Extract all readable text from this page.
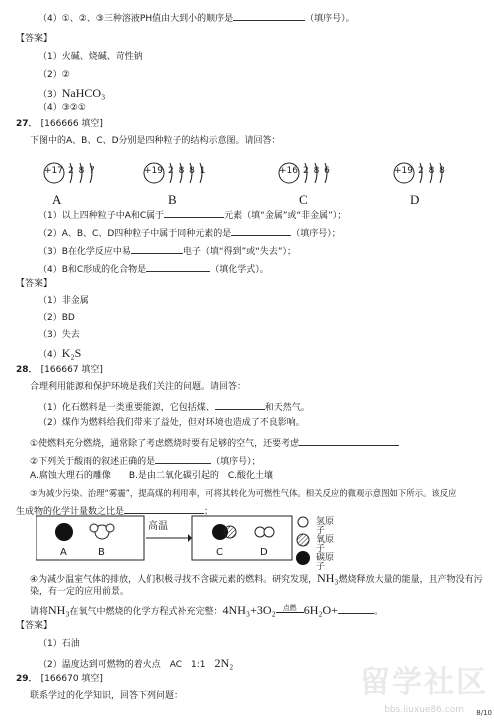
（4）①、②、③三种溶液PH值由大到小的顺序是	（填序号）。
【答案】
（1）火碱、烧碱、苛性钠
（2）②
（3）NaHCO₃
（4）③②①
27． [166666 填空]
下图中的A、B、C、D分别是四种粒子的结构示意图。请回答：
+17 2 8 7
A
+19 2 8 8 1
B
+16 2 8 6
C
+19 2 8 8
D
（1）以上四种粒子中A和C属于	元素（填“金属”或“非金属”）；
（2）A、B、C、D四种粒子中属于同种元素的是	（填序号）；
（3）B在化学反应中易	电子（填“得到”或“失去”）；
（4）B和C形成的化合物是	（填化学式）。
【答案】
（1）非金属
（2）BD
（3）失去
（4）K₂S
28． [166667 填空]
合理利用能源和保护环境是我们关注的问题。请回答：
（1）化石燃料是一类重要能源，它包括煤、	和天然气。
（2）煤作为燃料给我们带来了益处，但对环境也造成了不良影响。
①使燃料充分燃烧，通常除了考虑燃烧时要有足够的空气，还要考虑
②下列关于酸雨的叙述正确的是	（填序号）；
A.腐蚀大理石的雕像　　B.是由二氧化碳引起的　C.酸化土壤
③为减少污染、治理“雾霾”，提高煤的利用率，可将其转化为可燃性气体。相关反应的微观示意图如下所示。该反应
生成物的化学计量数之比是	；
高温
A	B	C	D
氢原子
氧原子
碳原子
④为减少温室气体的排放，人们积极寻找不含碳元素的燃料。研究发现，NH₃燃烧释放大量的能量，且产物没有污
染，有一定的应用前景。
请将NH₃在氧气中燃烧的化学方程式补充完整：4NH₃+3O₂ 点燃 6H₂O+	。
【答案】
（1）石油
（2）温度达到可燃物的着火点　AC　1:1　2N₂
29． [166670 填空]
联系学过的化学知识，回答下列问题：	留学社区
bbs.liuxue86.com 8/10
